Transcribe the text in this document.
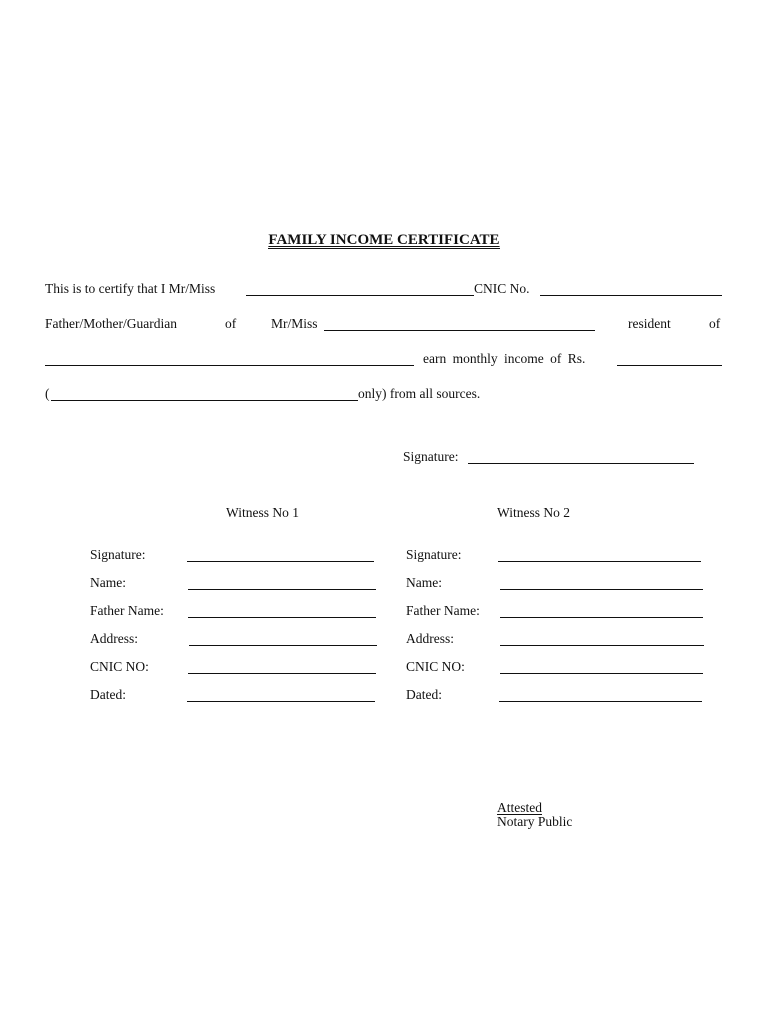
FAMILY INCOME CERTIFICATE
This is to certify that I Mr/Miss	CNIC No.
Father/Mother/Guardian	of	Mr/Miss	resident	of
earn monthly income of Rs.
(	only) from all sources.
Signature:
Witness No 1	Witness No 2
Signature:
Name:
Father Name:
Address:
CNIC NO:
Dated:
Signature:
Name:
Father Name:
Address:
CNIC NO:
Dated:
Attested
Notary Public
